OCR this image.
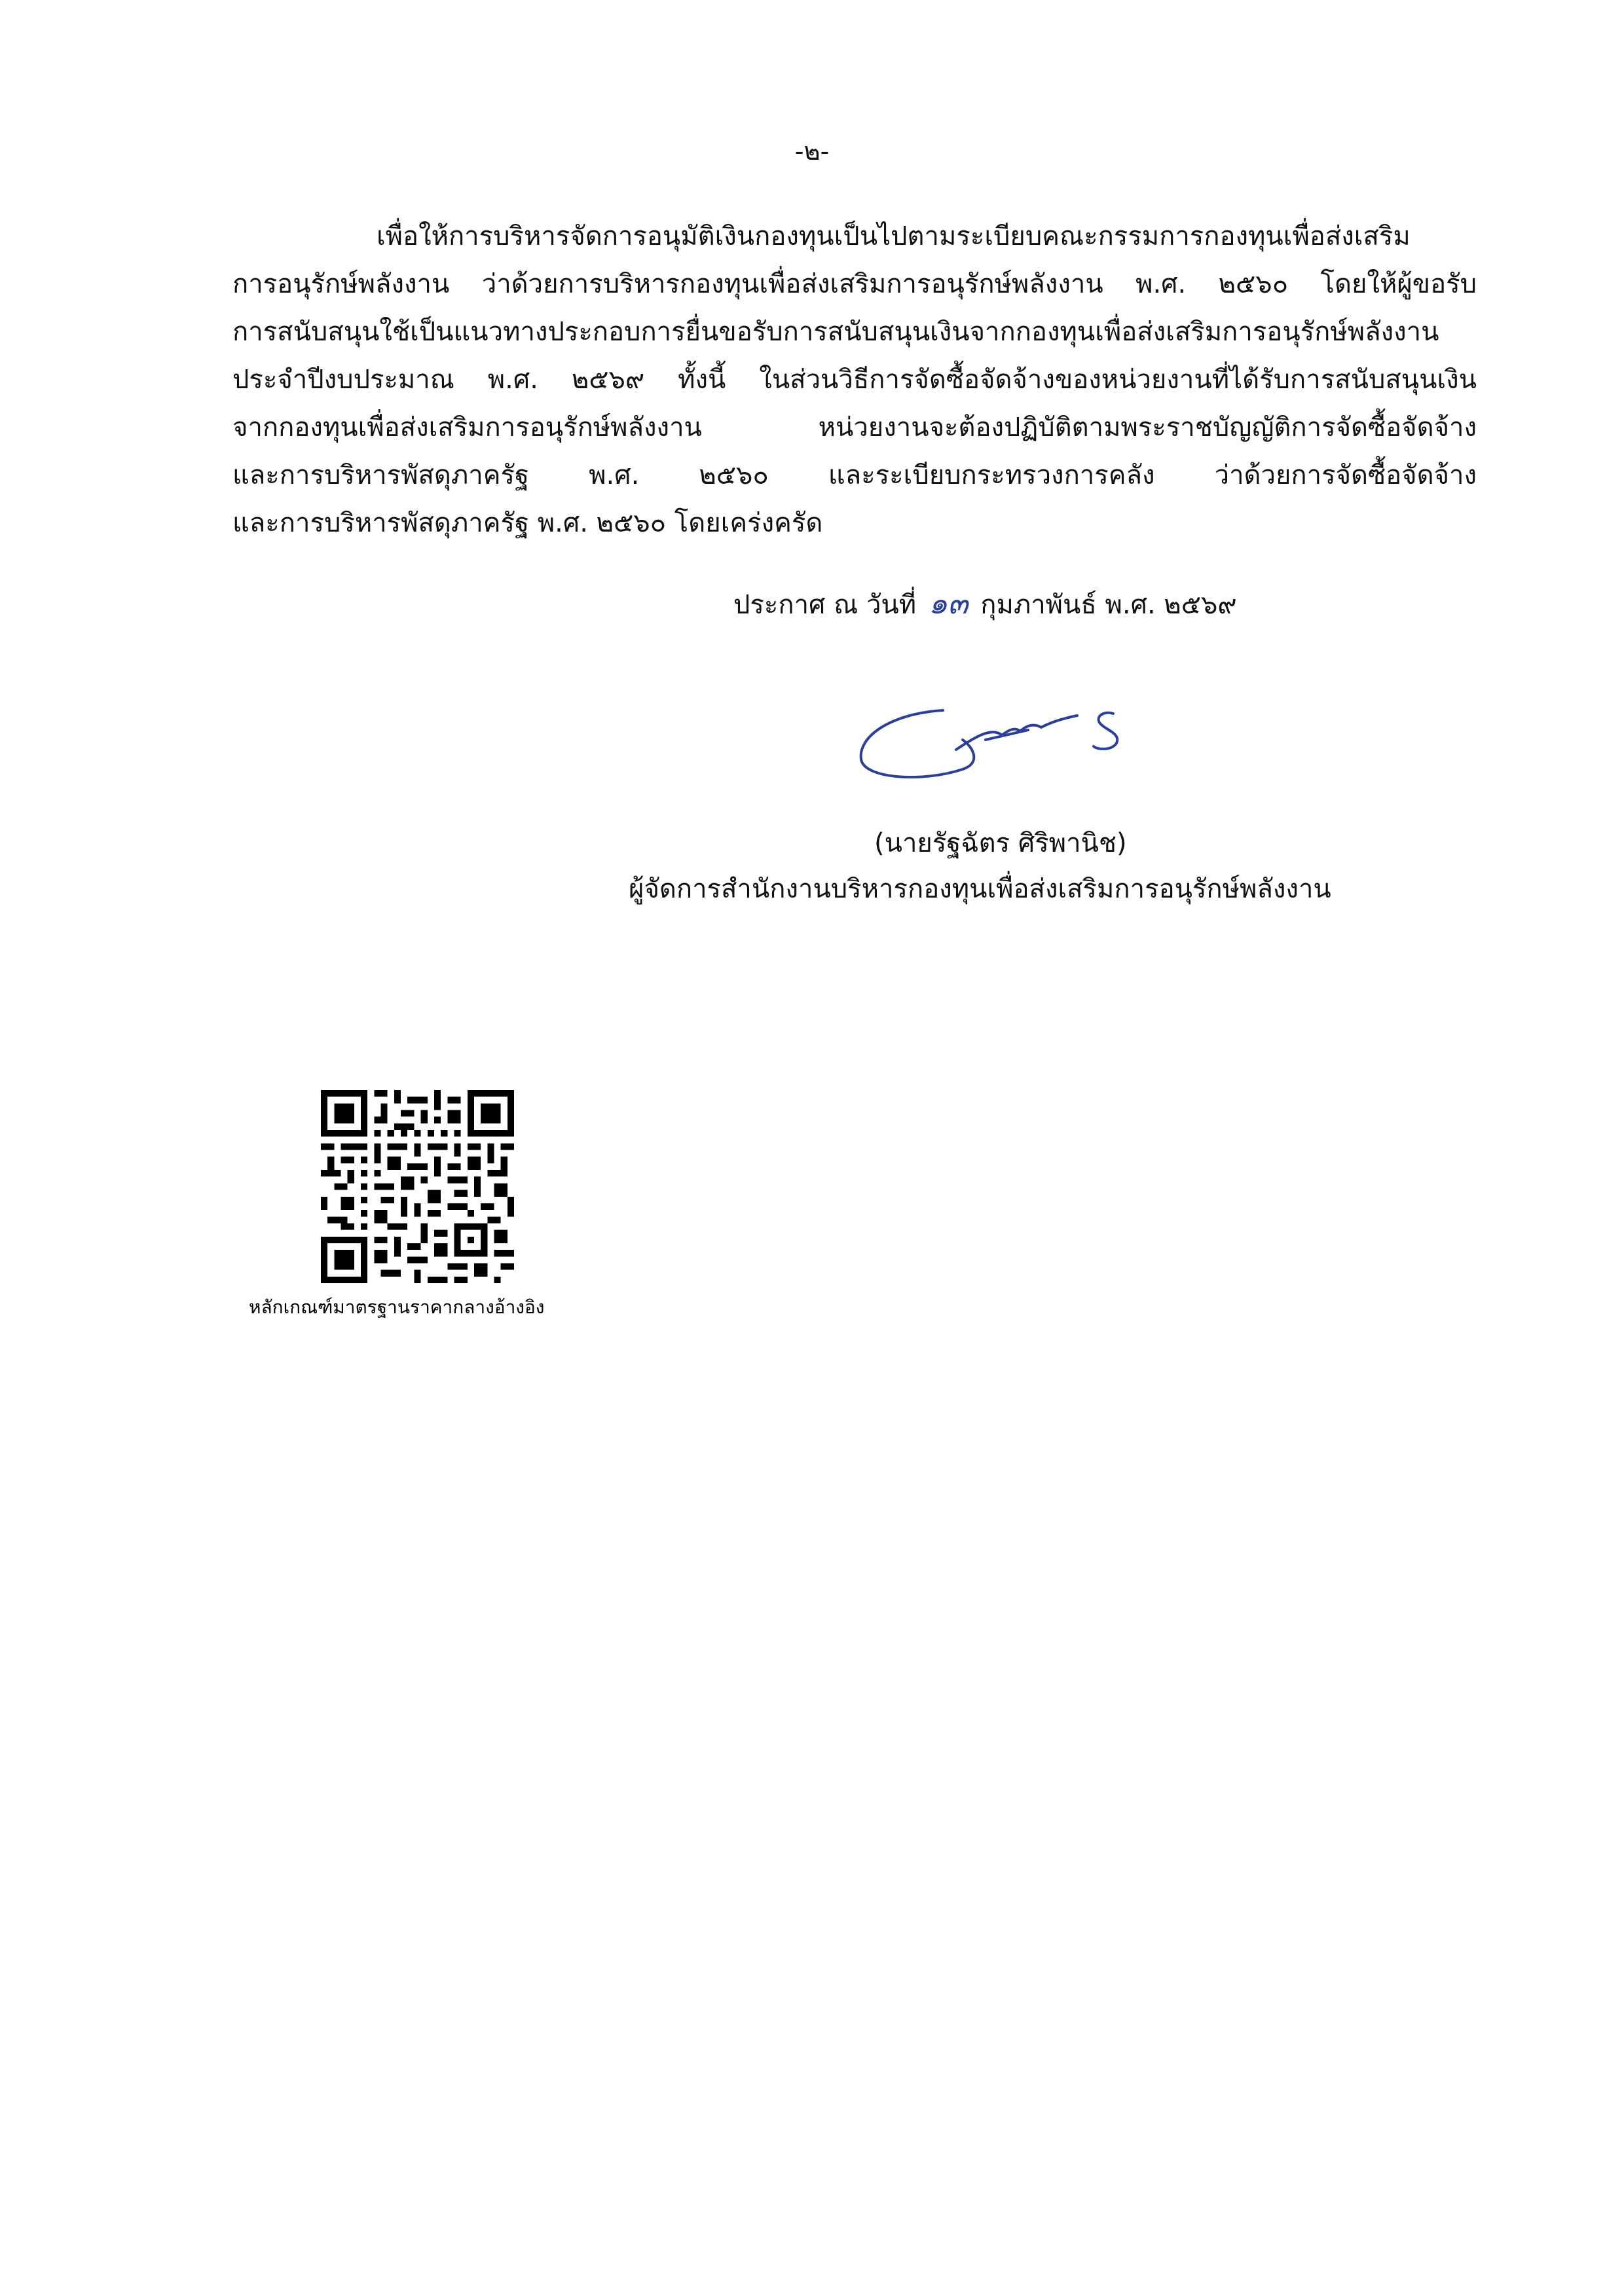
-๒-
เพื่อให้การบริหารจัดการอนุมัติเงินกองทุนเป็นไปตามระเบียบคณะกรรมการกองทุนเพื่อส่งเสริม
การอนุรักษ์พลังงาน ว่าด้วยการบริหารกองทุนเพื่อส่งเสริมการอนุรักษ์พลังงาน พ.ศ. ๒๕๖๐ โดยให้ผู้ขอรับ
การสนับสนุนใช้เป็นแนวทางประกอบการยื่นขอรับการสนับสนุนเงินจากกองทุนเพื่อส่งเสริมการอนุรักษ์พลังงาน
ประจำปีงบประมาณ พ.ศ. ๒๕๖๙ ทั้งนี้ ในส่วนวิธีการจัดซื้อจัดจ้างของหน่วยงานที่ได้รับการสนับสนุนเงิน
จากกองทุนเพื่อส่งเสริมการอนุรักษ์พลังงาน หน่วยงานจะต้องปฏิบัติตามพระราชบัญญัติการจัดซื้อจัดจ้าง
และการบริหารพัสดุภาครัฐ พ.ศ. ๒๕๖๐ และระเบียบกระทรวงการคลัง ว่าด้วยการจัดซื้อจัดจ้าง
และการบริหารพัสดุภาครัฐ พ.ศ. ๒๕๖๐ โดยเคร่งครัด
ประกาศ ณ วันที่ ๑๓ กุมภาพันธ์ พ.ศ. ๒๕๖๙
(นายรัฐฉัตร ศิริพานิช)
ผู้จัดการสำนักงานบริหารกองทุนเพื่อส่งเสริมการอนุรักษ์พลังงาน
หลักเกณฑ์มาตรฐานราคากลางอ้างอิง
